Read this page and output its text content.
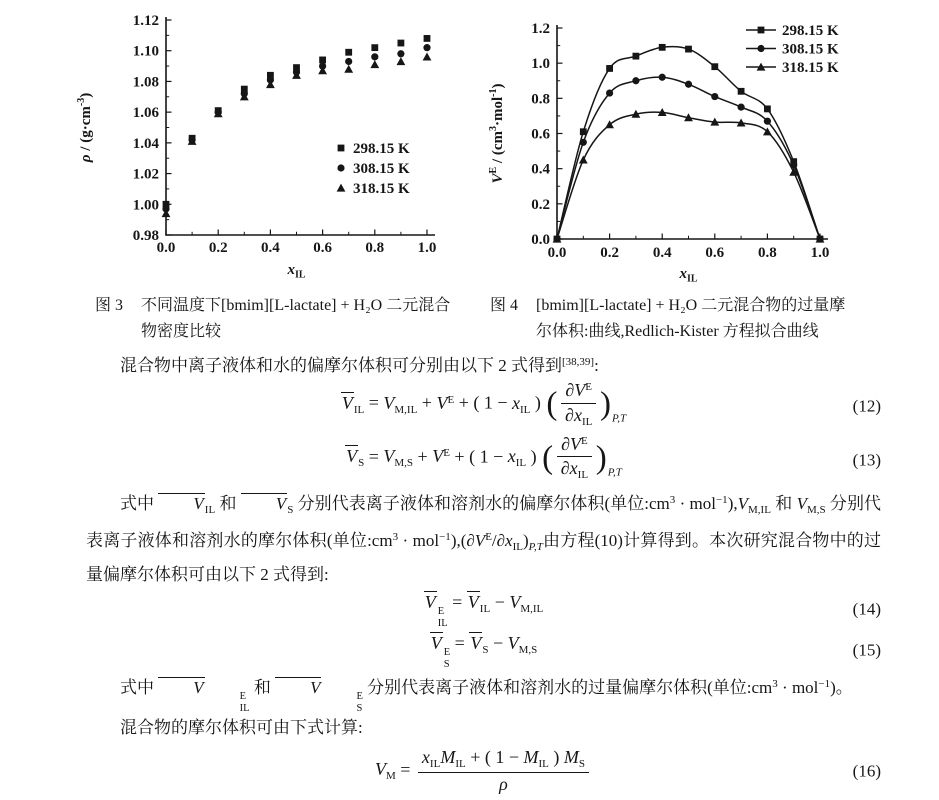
0.98
1.00
1.02
1.04
1.06
1.08
1.10
1.12
0.0 0.2 0.4 0.6 0.8 1.0
298.15 K
308.15 K
318.15 K
$x_{IL}$
$\rho / (g\cdot cm^{-3})$
0.0
0.2
0.4
0.6
0.8
1.0
1.2
0.0 0.2 0.4 0.6 0.8 1.0
298.15 K
308.15 K
318.15 K
$x_{IL}$
$V^E / (cm^3\cdot mol^{-1})$
图 3 不同温度下[bmim][L-lactate] + H₂O 二元混合
物密度比较
图 4 [bmim][L-lactate] + H₂O 二元混合物的过量摩
尔体积:曲线,Redlich-Kister 方程拟合曲线

混合物中离子液体和水的偏摩尔体积可分别由以下 2 式得到[38,39]:

$V_{IL} = V_{M,IL} + V^E$ + ( $1 - x_{IL}$ ) ( $\partial V^E$
$\partial x_{IL}$ )$_{P,T}$
(12)
$V_S = V_{M,S} + V^E$ + ( $1 - x_{IL}$ ) ( $\partial V^E$
$\partial x_{IL}$ )$_{P,T}$
(13)

式中 $V_{IL}$ 和 $V_S$ 分别代表离子液体和溶剂水的偏摩尔体积(单位$:cm^3 \cdot mol^{-1}),V_{M,IL}$ 和 $V_{M,S}$ 分别代表离子液体和溶剂水的摩尔体积(单位$:cm^3 \cdot mol^{-1}),(\partial V^E/\partial x_{IL})_{P,T}$由方程(10)计算得到。本次研究混合物中的过量偏摩尔体积可由以下 2 式得到:

V E
IL
= $V_{IL} - V_{M,IL}$	(14)
V E
S
= $V_S - V_{M,S}$	(15)

式中 V	E
IL
和 V	E
S
分别代表离子液体和溶剂水的过量偏摩尔体积(单位$:cm^3 \cdot mol^{-1}$)。

混合物的摩尔体积可由下式计算:

$V_M$ =
$x_{IL}M_{IL}$ + ( $1 - M_{IL}$ ) $M_S$
ρ
(16)
